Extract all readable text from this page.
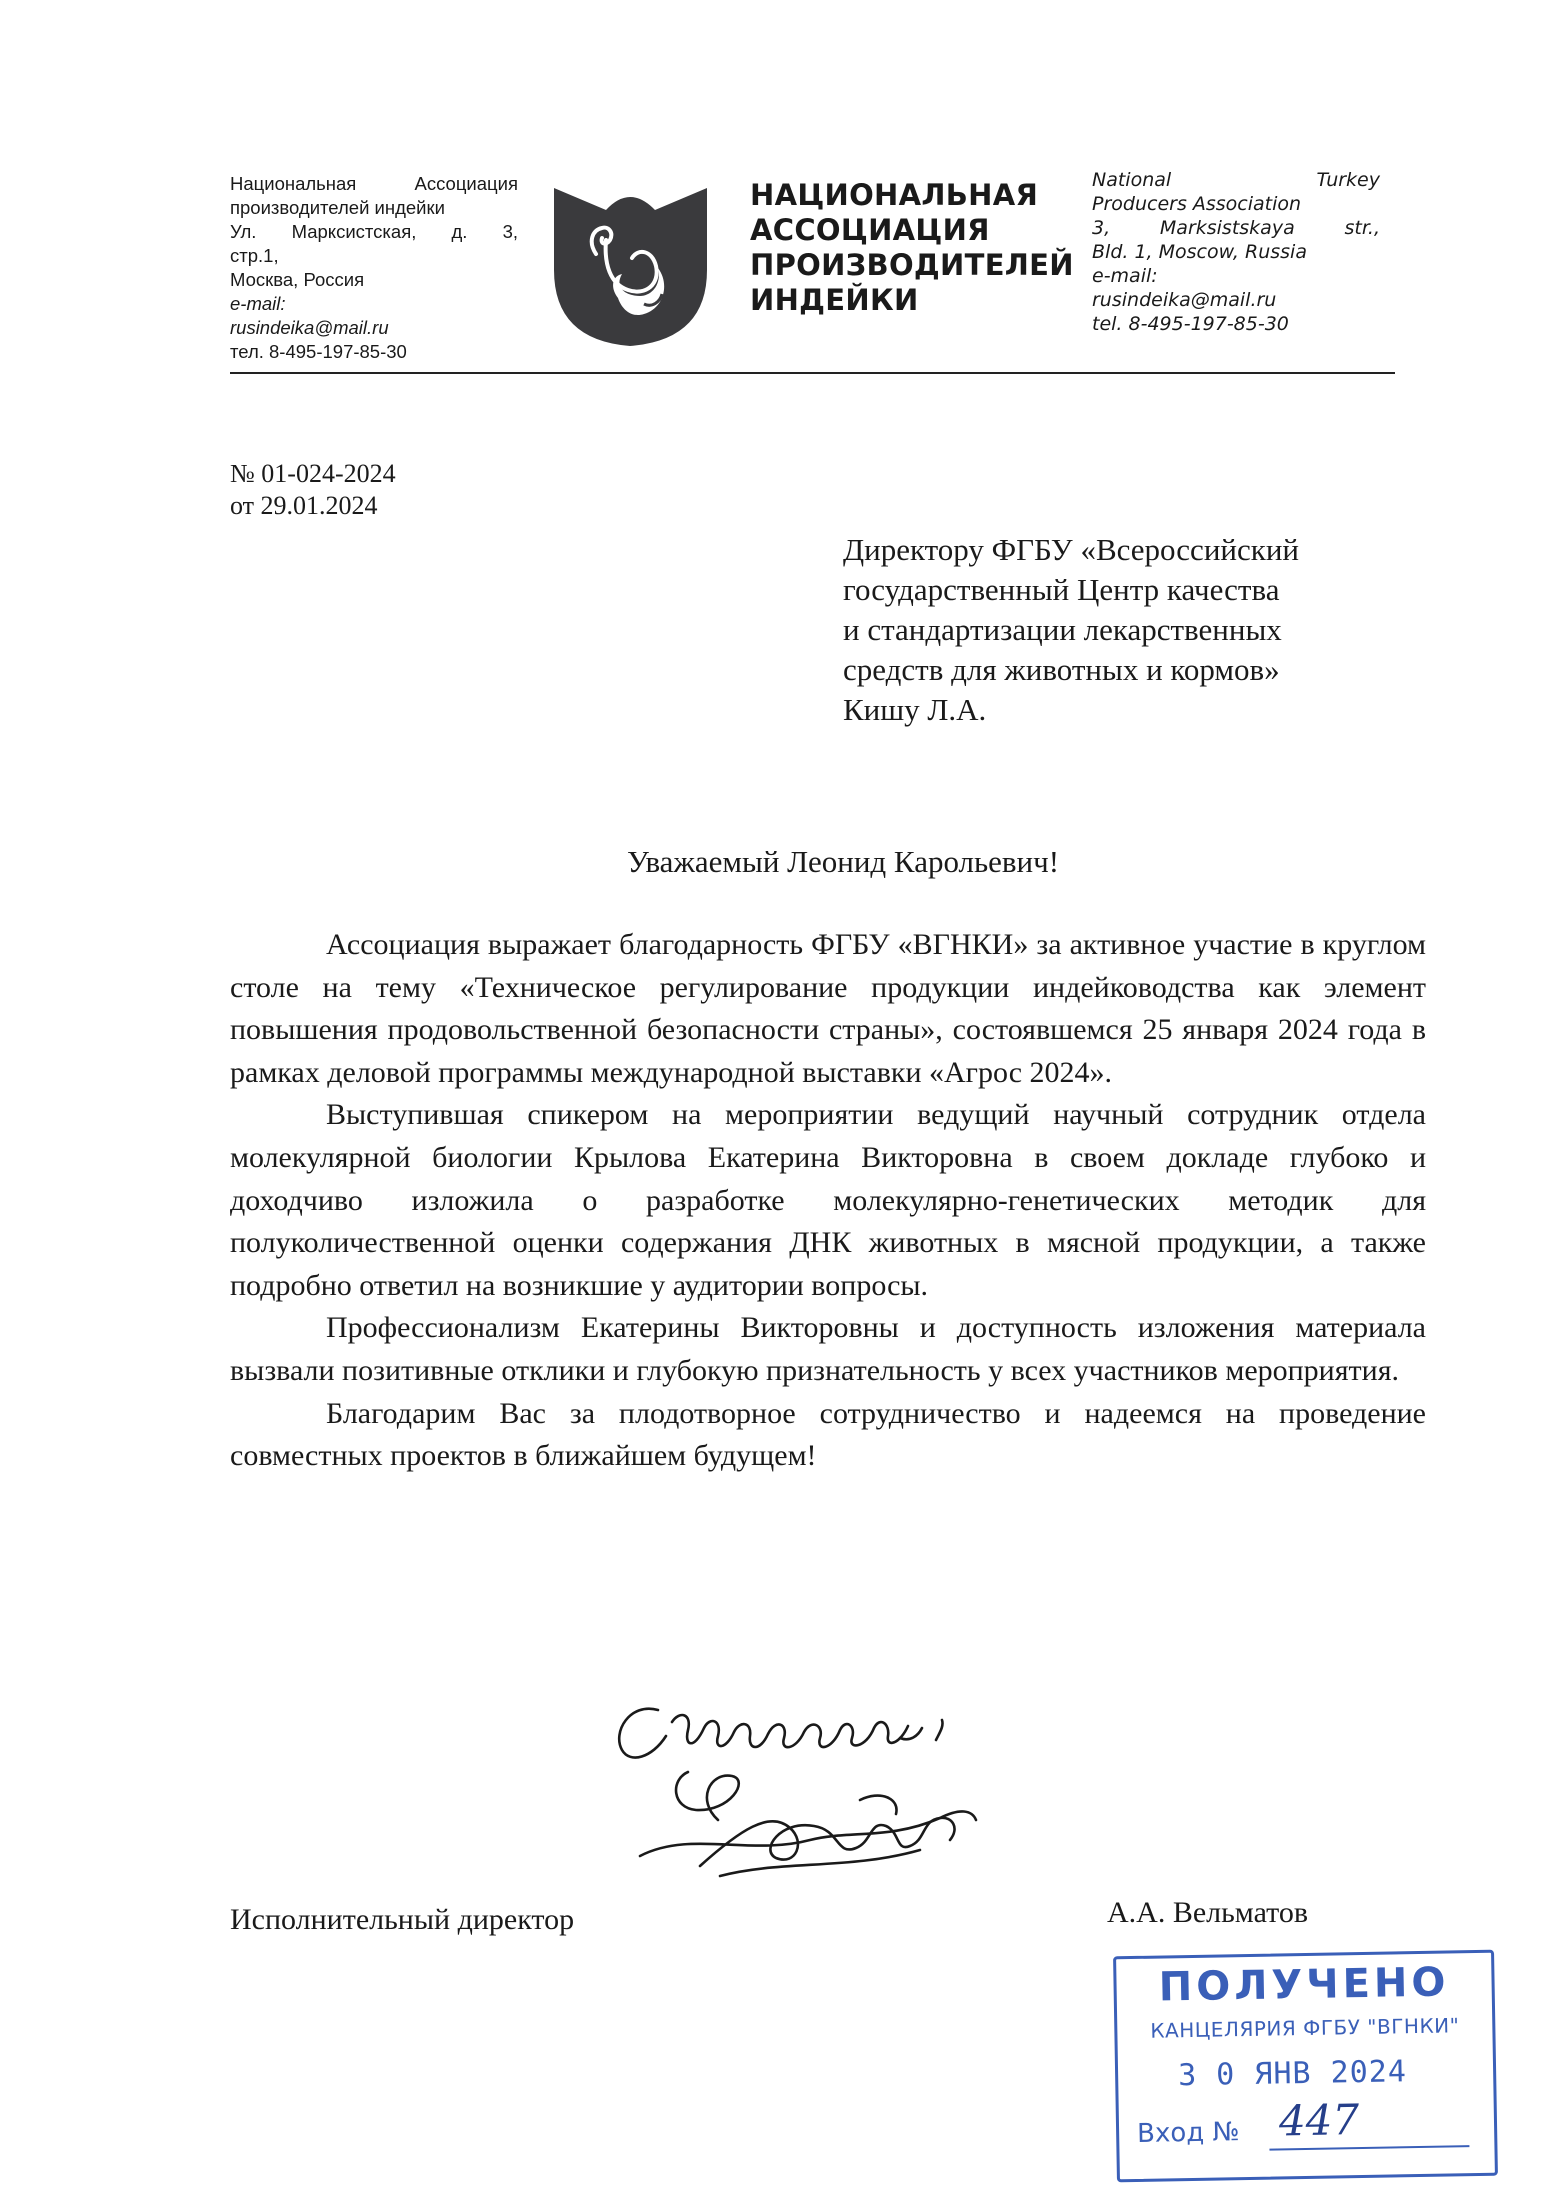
Национальная	Ассоциация
производителей индейки
Ул. Марксистская, д. 3,
стр.1,
Москва, Россия
e-mail:
rusindeika@mail.ru
тел. 8-495-197-85-30
НАЦИОНАЛЬНАЯ
АССОЦИАЦИЯ
ПРОИЗВОДИТЕЛЕЙ
ИНДЕЙКИ
National	Turkey
Producers Association
3,	Marksistskaya	str.,
Bld. 1, Moscow, Russia
e-mail:
rusindeika@mail.ru
tel. 8-495-197-85-30
№ 01-024-2024
от 29.01.2024
Директору ФГБУ «Всероссийский
государственный Центр качества
и стандартизации лекарственных
средств для животных и кормов»
Кишу Л.А.
Уважаемый Леонид Карольевич!

Ассоциация выражает благодарность ФГБУ «ВГНКИ» за активное участие в круглом столе на тему «Техническое регулирование продукции индейководства как элемент повышения продовольственной безопасности страны», состоявшемся 25 января 2024 года в рамках деловой программы международной выставки «Агрос 2024».

Выступившая спикером на мероприятии ведущий научный сотрудник отдела молекулярной биологии Крылова Екатерина Викторовна в своем докладе глубоко и доходчиво изложила о разработке молекулярно-генетических методик для полуколичественной оценки содержания ДНК животных в мясной продукции, а также подробно ответил на возникшие у аудитории вопросы.

Профессионализм Екатерины Викторовны и доступность изложения материала вызвали позитивные отклики и глубокую признательность у всех участников мероприятия.

Благодарим Вас за плодотворное сотрудничество и надеемся на проведение совместных проектов в ближайшем будущем!

Исполнительный директор	А.А. Вельматов
ПОЛУЧЕНО
КАНЦЕЛЯРИЯ ФГБУ "ВГНКИ"
3 0 ЯНВ 2024
Вход № 447
